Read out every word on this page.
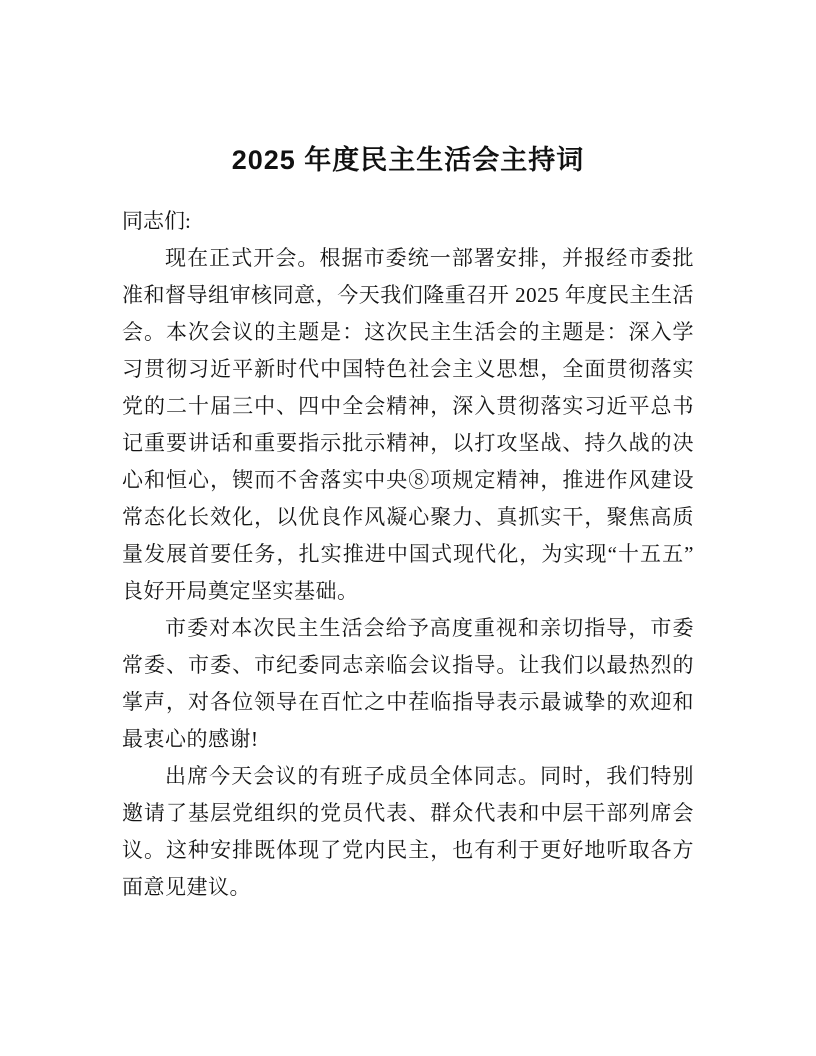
2025 年度民主生活会主持词

同志们:

现在正式开会。根据市委统一部署安排，并报经市委批准和督导组审核同意，今天我们隆重召开 2025 年度民主生活会。本次会议的主题是：这次民主生活会的主题是：深入学习贯彻习近平新时代中国特色社会主义思想，全面贯彻落实党的二十届三中、四中全会精神，深入贯彻落实习近平总书记重要讲话和重要指示批示精神，以打攻坚战、持久战的决心和恒心，锲而不舍落实中央⑧项规定精神，推进作风建设常态化长效化，以优良作风凝心聚力、真抓实干，聚焦高质量发展首要任务，扎实推进中国式现代化，为实现“十五五”良好开局奠定坚实基础。

市委对本次民主生活会给予高度重视和亲切指导，市委常委、市委、市纪委同志亲临会议指导。让我们以最热烈的掌声，对各位领导在百忙之中茬临指导表示最诚挚的欢迎和最衷心的感谢!

出席今天会议的有班子成员全体同志。同时，我们特别邀请了基层党组织的党员代表、群众代表和中层干部列席会议。这种安排既体现了党内民主，也有利于更好地听取各方面意见建议。
